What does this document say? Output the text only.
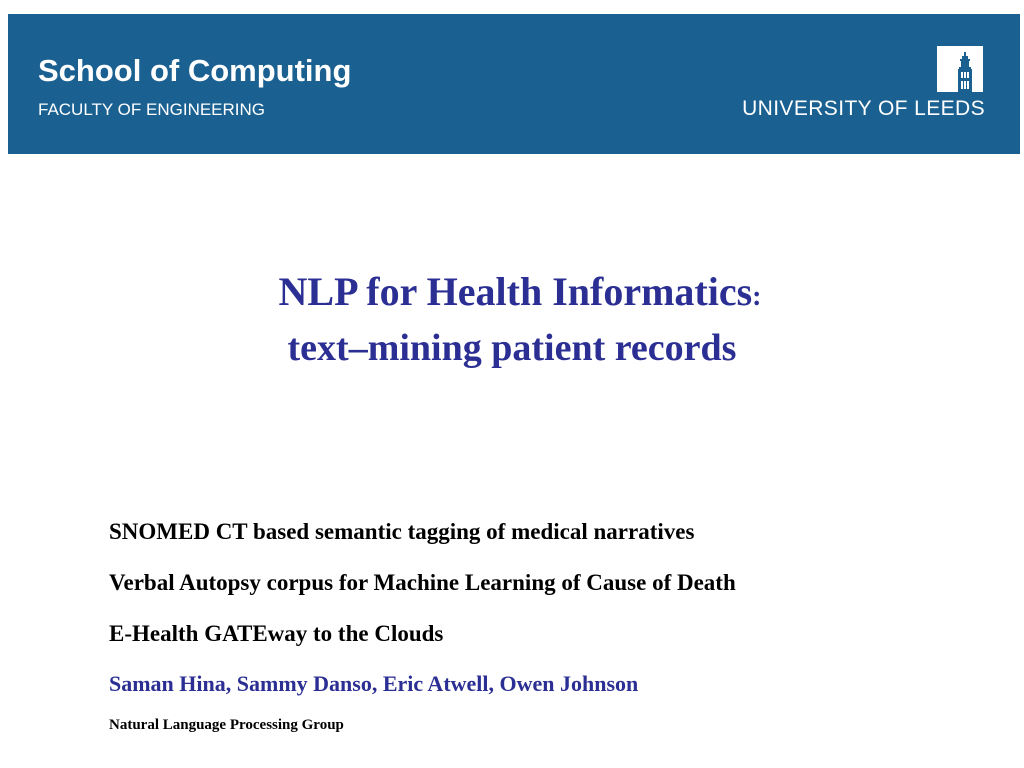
School of Computing
FACULTY OF ENGINEERING	UNIVERSITY OF LEEDS
NLP for Health Informatics:
text–mining patient records
SNOMED CT based semantic tagging of medical narratives
Verbal Autopsy corpus for Machine Learning of Cause of Death
E-Health GATEway to the Clouds
Saman Hina, Sammy Danso, Eric Atwell, Owen Johnson
Natural Language Processing Group
